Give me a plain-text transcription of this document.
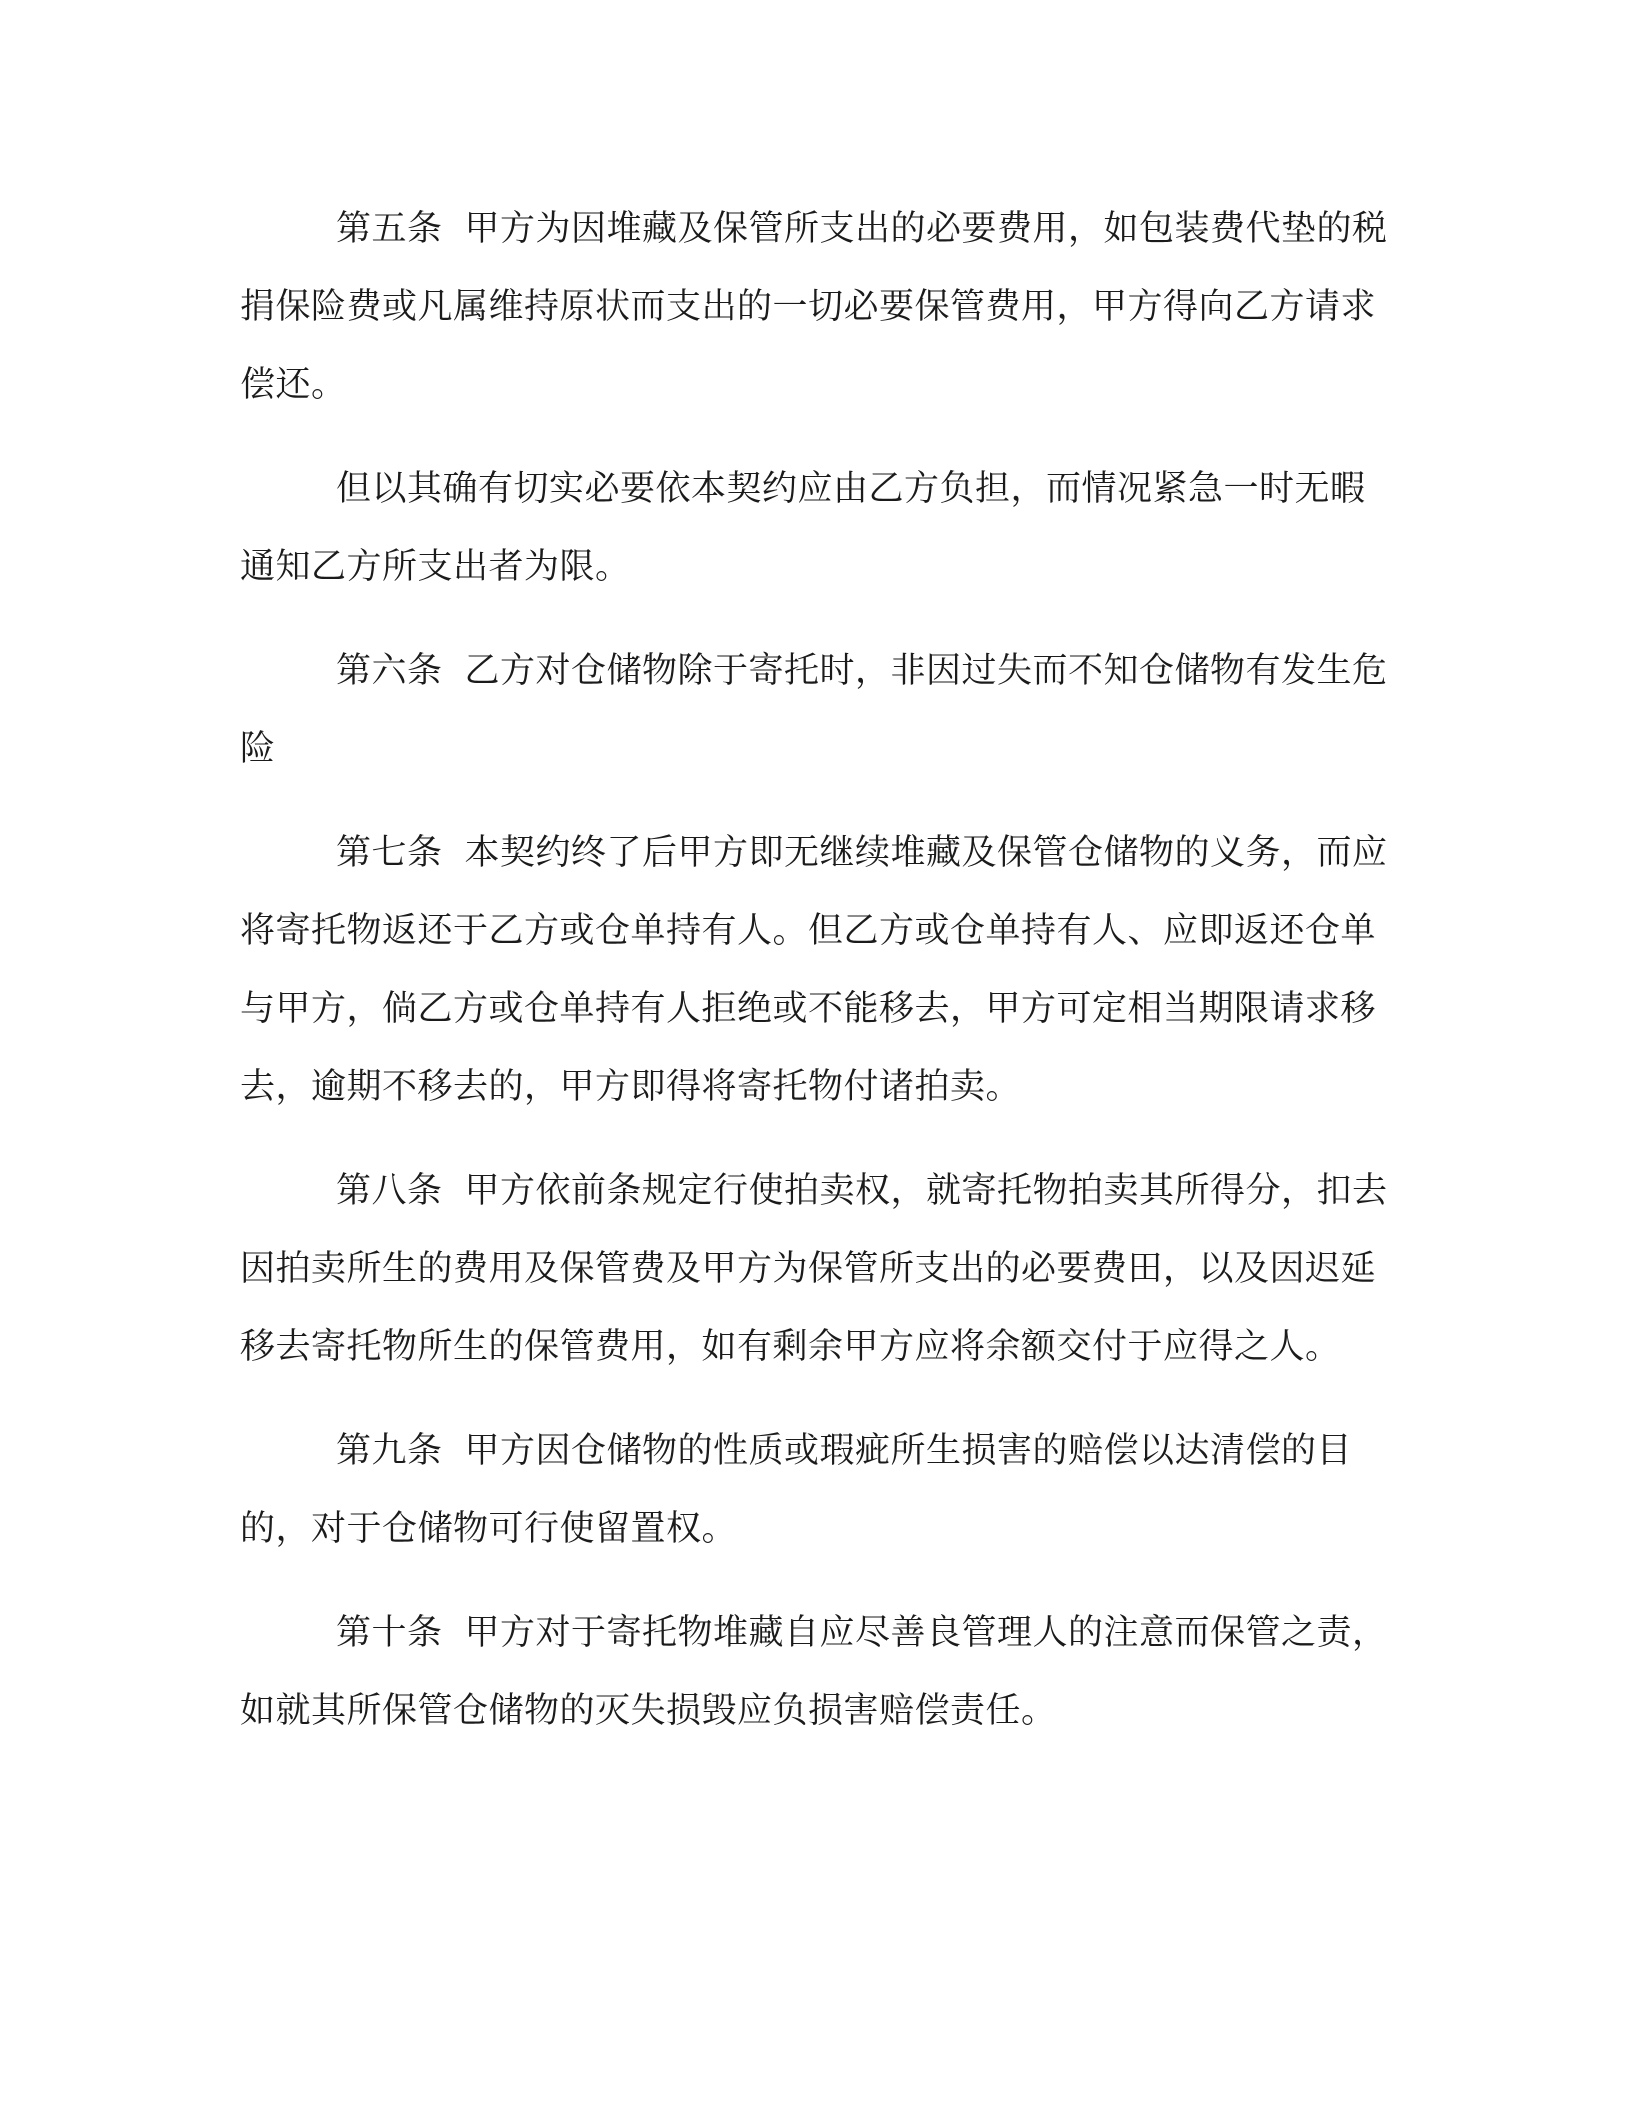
第五条 甲方为因堆藏及保管所支出的必要费用，如包装费代垫的税捐保险费或凡属维持原状而支出的一切必要保管费用，甲方得向乙方请求偿还。

但以其确有切实必要依本契约应由乙方负担，而情况紧急一时无暇通知乙方所支出者为限。

第六条 乙方对仓储物除于寄托时，非因过失而不知仓储物有发生危险

第七条 本契约终了后甲方即无继续堆藏及保管仓储物的义务，而应将寄托物返还于乙方或仓单持有人。但乙方或仓单持有人、应即返还仓单与甲方，倘乙方或仓单持有人拒绝或不能移去，甲方可定相当期限请求移去，逾期不移去的，甲方即得将寄托物付诸拍卖。

第八条 甲方依前条规定行使拍卖权，就寄托物拍卖其所得分，扣去因拍卖所生的费用及保管费及甲方为保管所支出的必要费田，以及因迟延移去寄托物所生的保管费用，如有剩余甲方应将余额交付于应得之人。

第九条 甲方因仓储物的性质或瑕疵所生损害的赔偿以达清偿的目的，对于仓储物可行使留置权。

第十条 甲方对于寄托物堆藏自应尽善良管理人的注意而保管之责，如就其所保管仓储物的灭失损毁应负损害赔偿责任。
